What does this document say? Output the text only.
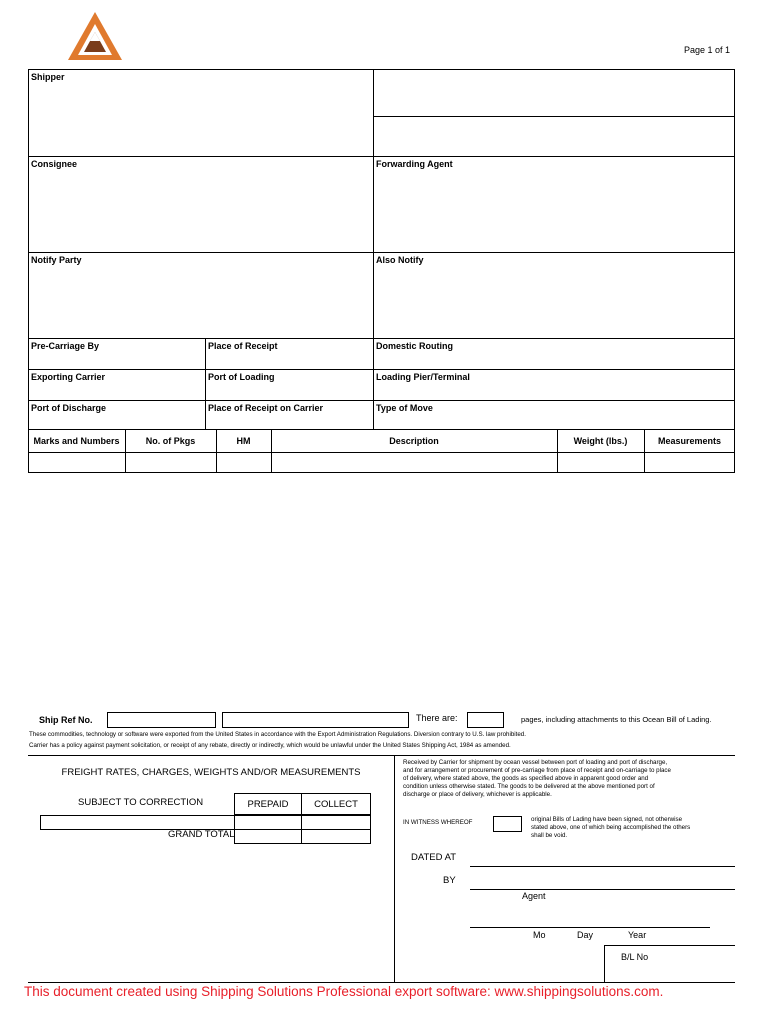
Page 1 of 1
Shipper
Consignee	Forwarding Agent
Notify Party	Also Notify
Pre-Carriage By	Place of Receipt	Domestic Routing
Exporting Carrier	Port of Loading	Loading Pier/Terminal
Port of Discharge	Place of Receipt on Carrier	Type of Move
Marks and Numbers	No. of Pkgs	HM	Description	Weight (lbs.)	Measurements
Ship Ref No.	There are:	pages, including attachments to this Ocean Bill of Lading.
These commodities, technology or software were exported from the United States in accordance with the Export Administration Regulations. Diversion contrary to U.S. law prohibited.
Carrier has a policy against payment solicitation, or receipt of any rebate, directly or indirectly, which would be unlawful under the United States Shipping Act, 1984 as amended.
FREIGHT RATES, CHARGES, WEIGHTS AND/OR MEASUREMENTS
SUBJECT TO CORRECTION	PREPAID	COLLECT
GRAND TOTAL
Received by Carrier for shipment by ocean vessel between port of loading and port of discharge,
and for arrangement or procurement of pre-carriage from place of receipt and on-carriage to place
of delivery, where stated above, the goods as specified above in apparent good order and
condition unless otherwise stated. The goods to be delivered at the above mentioned port of
discharge or place of delivery, whichever is applicable.
IN WITNESS WHEREOF	original Bills of Lading have been signed, not otherwise
stated above, one of which being accomplished the others
shall be void.
DATED AT
BY
Agent
Mo	Day	Year
B/L No
This document created using Shipping Solutions Professional export software: www.shippingsolutions.com.
